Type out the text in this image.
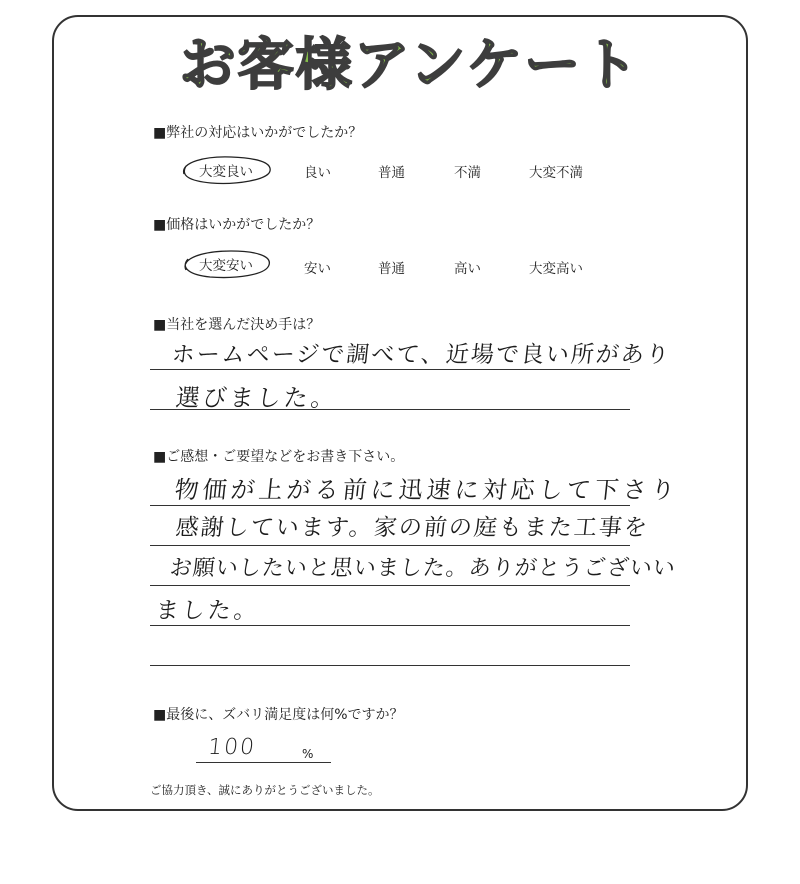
お客様アンケート
■弊社の対応はいかがでしたか？
大変良い	良い	普通	不満	大変不満
■価格はいかがでしたか？
大変安い	安い	普通	高い	大変高い
■当社を選んだ決め手は？
ホームページで調べて、近場で良い所があり
選びました。
■ご感想・ご要望などをお書き下さい。
物価が上がる前に迅速に対応して下さり
感謝しています。家の前の庭もまた工事を
お願いしたいと思いました。ありがとうございい
ました。
■最後に、ズバリ満足度は何%ですか？
100	%
ご協力頂き、誠にありがとうございました。
